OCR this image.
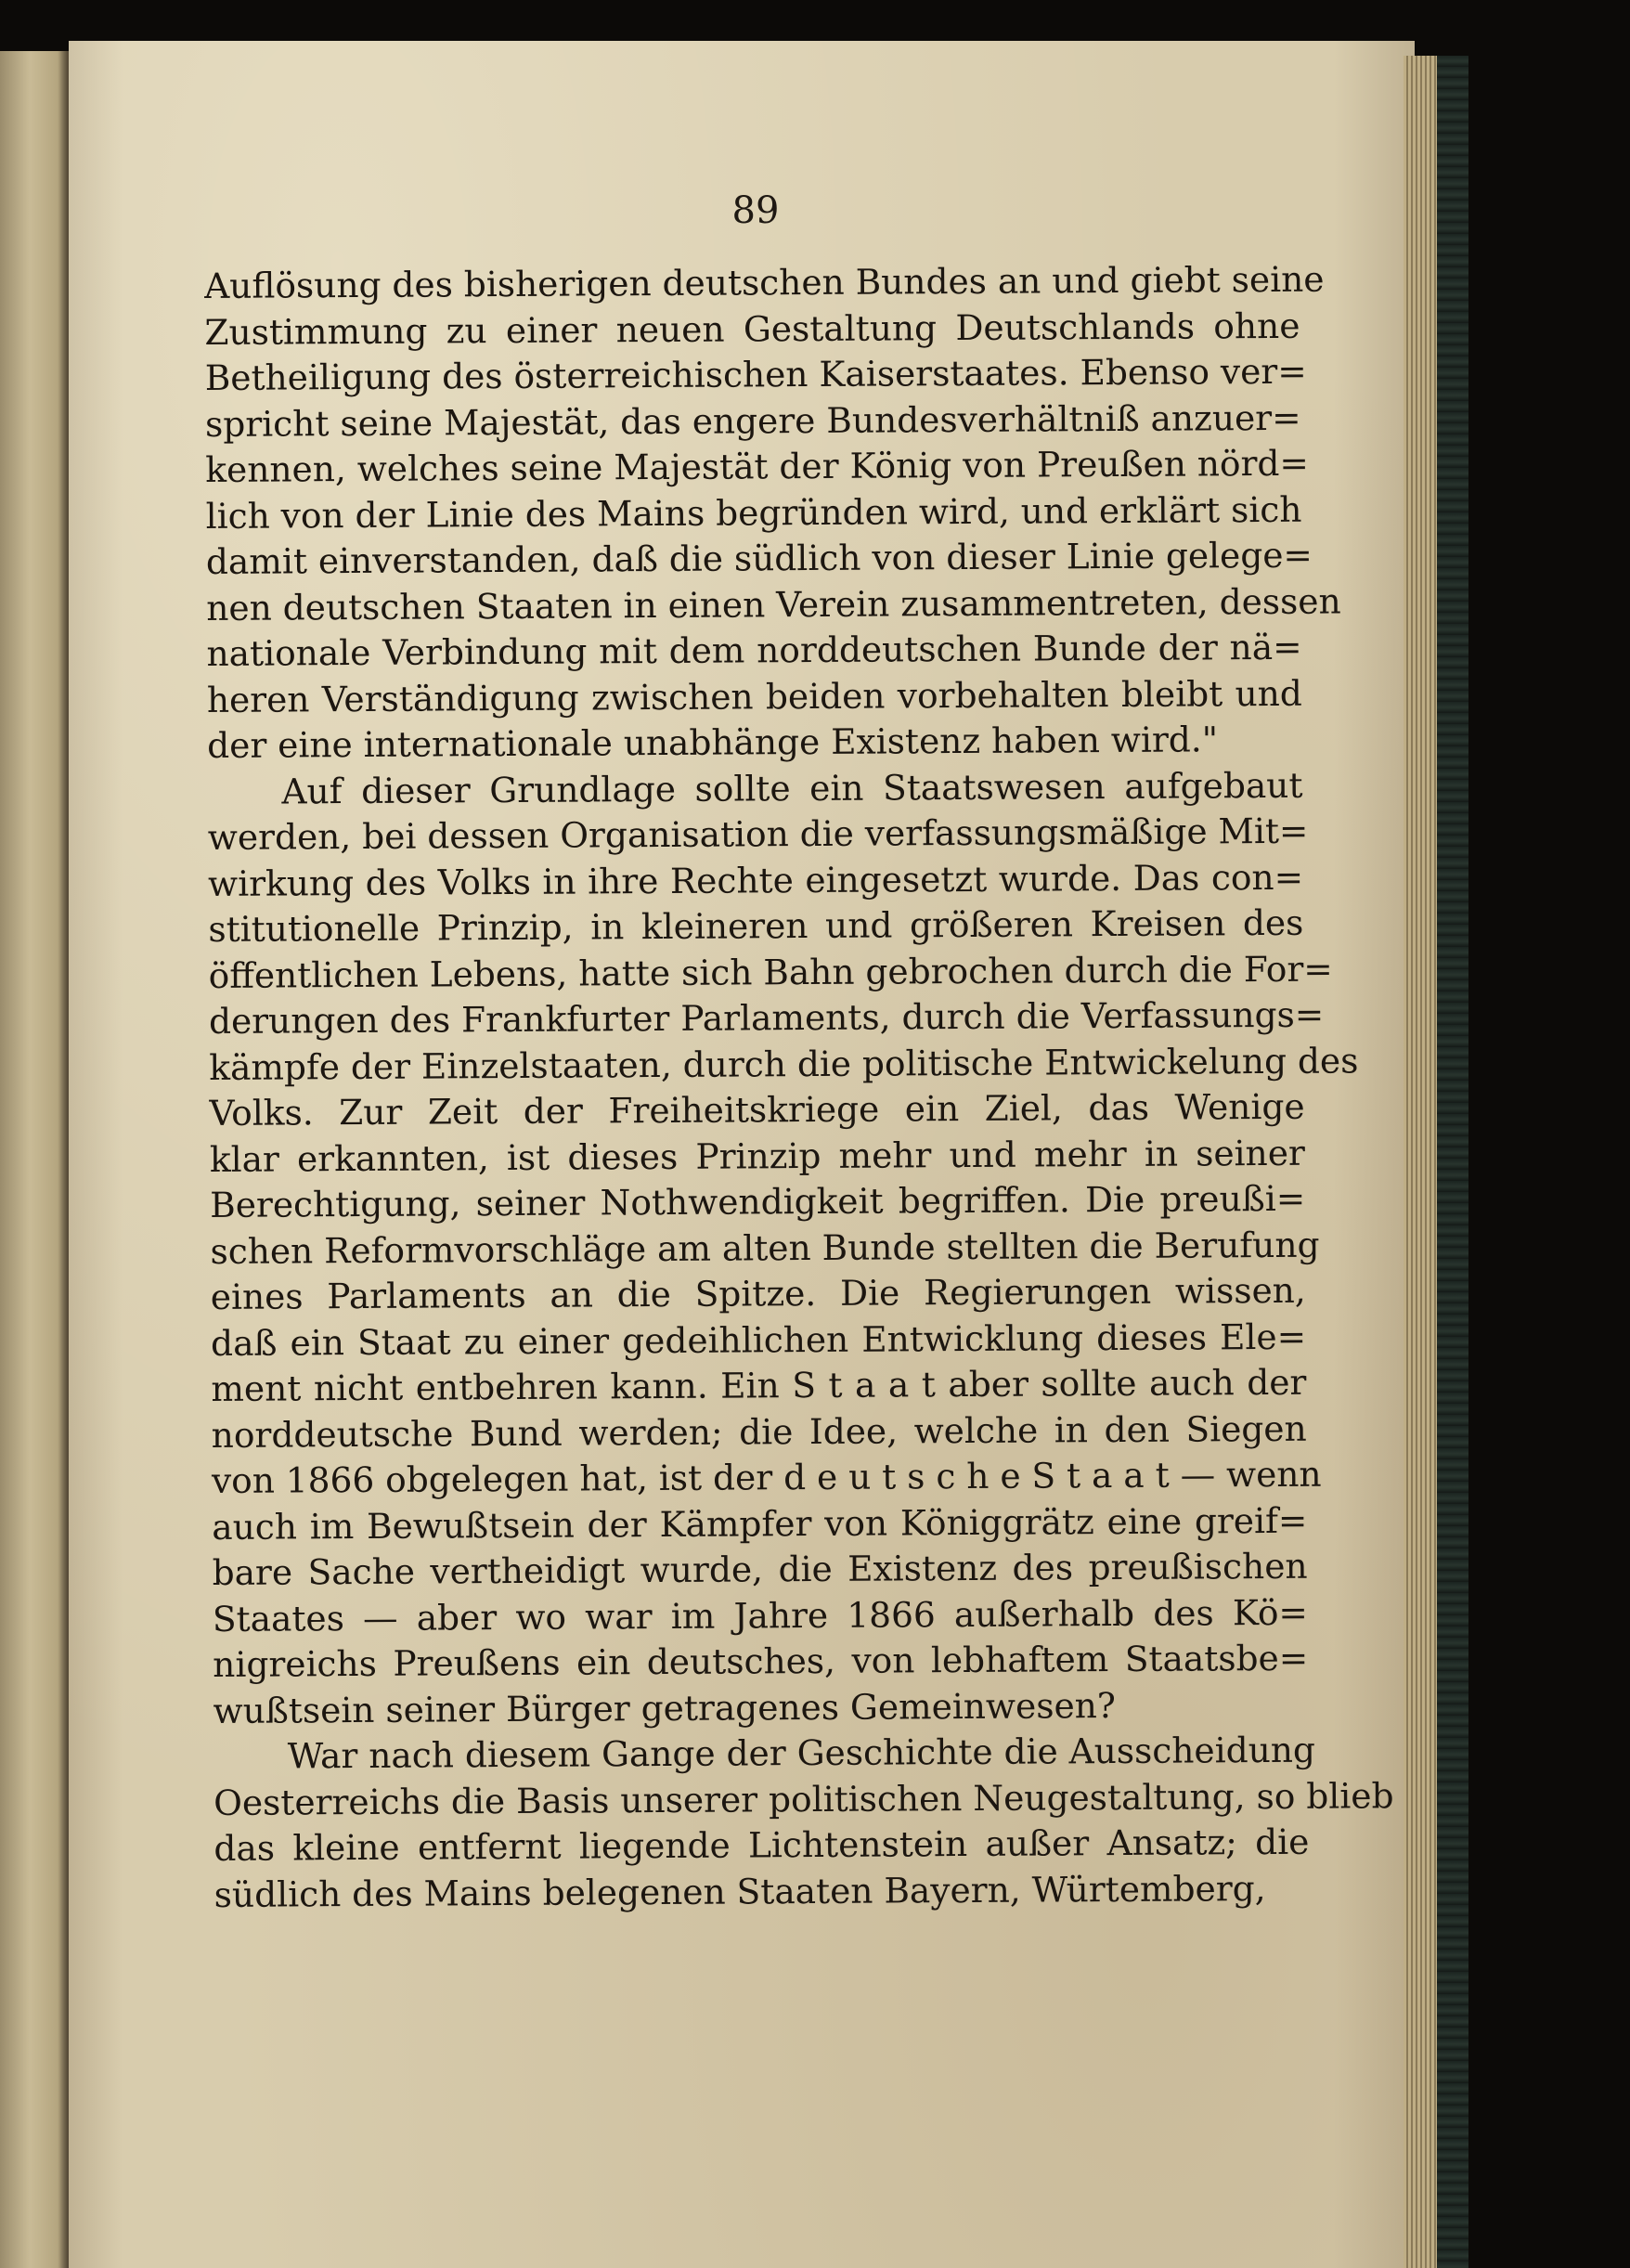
89
Auflösung des bisherigen deutschen Bundes an und giebt seine
Zustimmung zu einer neuen Gestaltung Deutschlands ohne
Betheiligung des österreichischen Kaiserstaates. Ebenso ver=
spricht seine Majestät, das engere Bundesverhältniß anzuer=
kennen, welches seine Majestät der König von Preußen nörd=
lich von der Linie des Mains begründen wird, und erklärt sich
damit einverstanden, daß die südlich von dieser Linie gelege=
nen deutschen Staaten in einen Verein zusammentreten, dessen
nationale Verbindung mit dem norddeutschen Bunde der nä=
heren Verständigung zwischen beiden vorbehalten bleibt und
der eine internationale unabhänge Existenz haben wird."
Auf dieser Grundlage sollte ein Staatswesen aufgebaut
werden, bei dessen Organisation die verfassungsmäßige Mit=
wirkung des Volks in ihre Rechte eingesetzt wurde. Das con=
stitutionelle Prinzip, in kleineren und größeren Kreisen des
öffentlichen Lebens, hatte sich Bahn gebrochen durch die For=
derungen des Frankfurter Parlaments, durch die Verfassungs=
kämpfe der Einzelstaaten, durch die politische Entwickelung des
Volks. Zur Zeit der Freiheitskriege ein Ziel, das Wenige
klar erkannten, ist dieses Prinzip mehr und mehr in seiner
Berechtigung, seiner Nothwendigkeit begriffen. Die preußi=
schen Reformvorschläge am alten Bunde stellten die Berufung
eines Parlaments an die Spitze. Die Regierungen wissen,
daß ein Staat zu einer gedeihlichen Entwicklung dieses Ele=
ment nicht entbehren kann. Ein S t a a t aber sollte auch der
norddeutsche Bund werden; die Idee, welche in den Siegen
von 1866 obgelegen hat, ist der d e u t s c h e S t a a t — wenn
auch im Bewußtsein der Kämpfer von Königgrätz eine greif=
bare Sache vertheidigt wurde, die Existenz des preußischen
Staates — aber wo war im Jahre 1866 außerhalb des Kö=
nigreichs Preußens ein deutsches, von lebhaftem Staatsbe=
wußtsein seiner Bürger getragenes Gemeinwesen?
War nach diesem Gange der Geschichte die Ausscheidung
Oesterreichs die Basis unserer politischen Neugestaltung, so blieb
das kleine entfernt liegende Lichtenstein außer Ansatz; die
südlich des Mains belegenen Staaten Bayern, Würtemberg,
